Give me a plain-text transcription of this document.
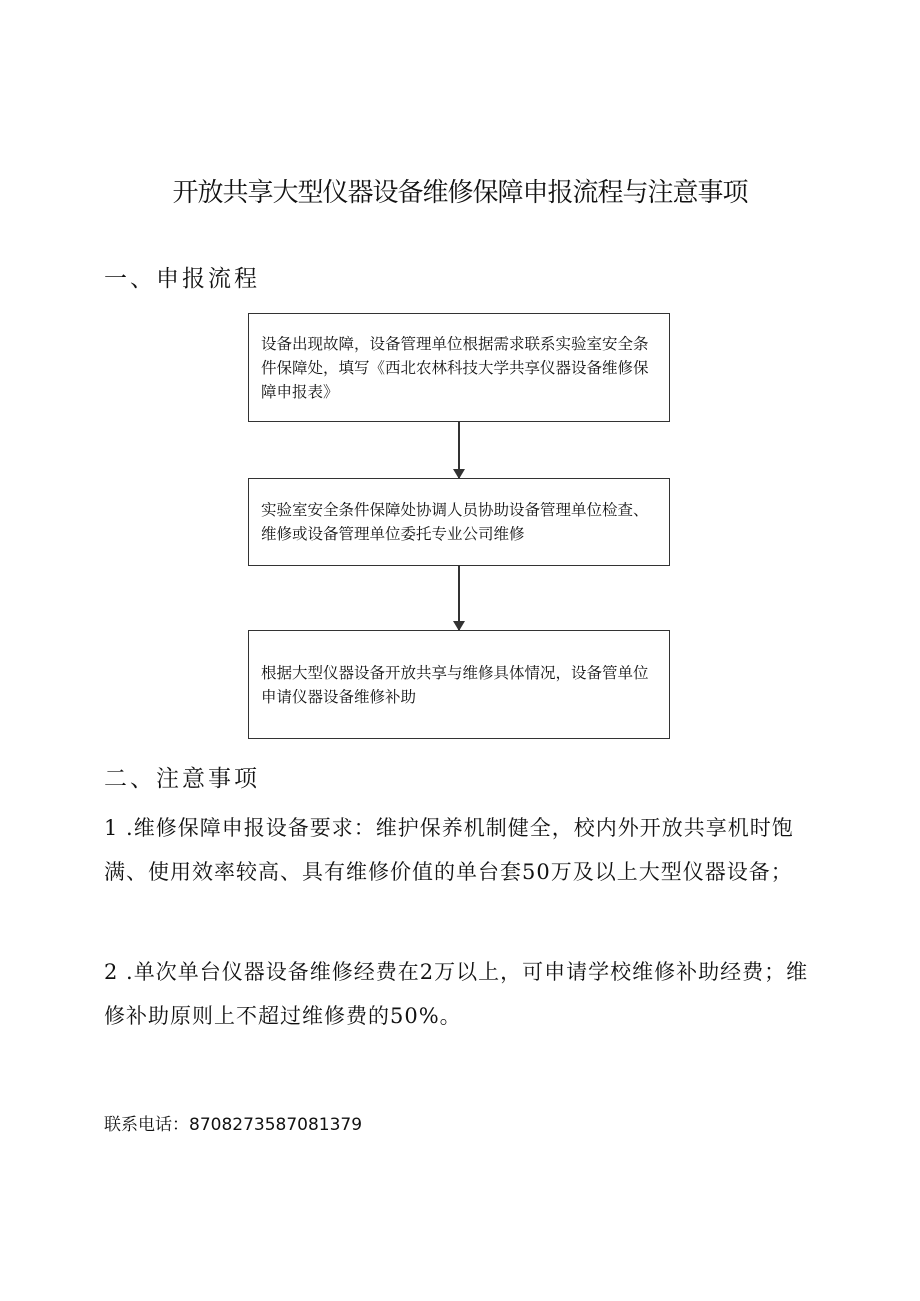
开放共享大型仪器设备维修保障申报流程与注意事项
一、申报流程
设备出现故障，设备管理单位根据需求联系实验室安全条件保障处，填写《西北农林科技大学共享仪器设备维修保障申报表》
实验室安全条件保障处协调人员协助设备管理单位检查、维修或设备管理单位委托专业公司维修
根据大型仪器设备开放共享与维修具体情况，设备管单位申请仪器设备维修补助
二、注意事项
1 .维修保障申报设备要求：维护保养机制健全，校内外开放共享机时饱满、使用效率较高、具有维修价值的单台套50万及以上大型仪器设备；
2 .单次单台仪器设备维修经费在2万以上，可申请学校维修补助经费；维修补助原则上不超过维修费的50%。
联系电话：8708273587081379
